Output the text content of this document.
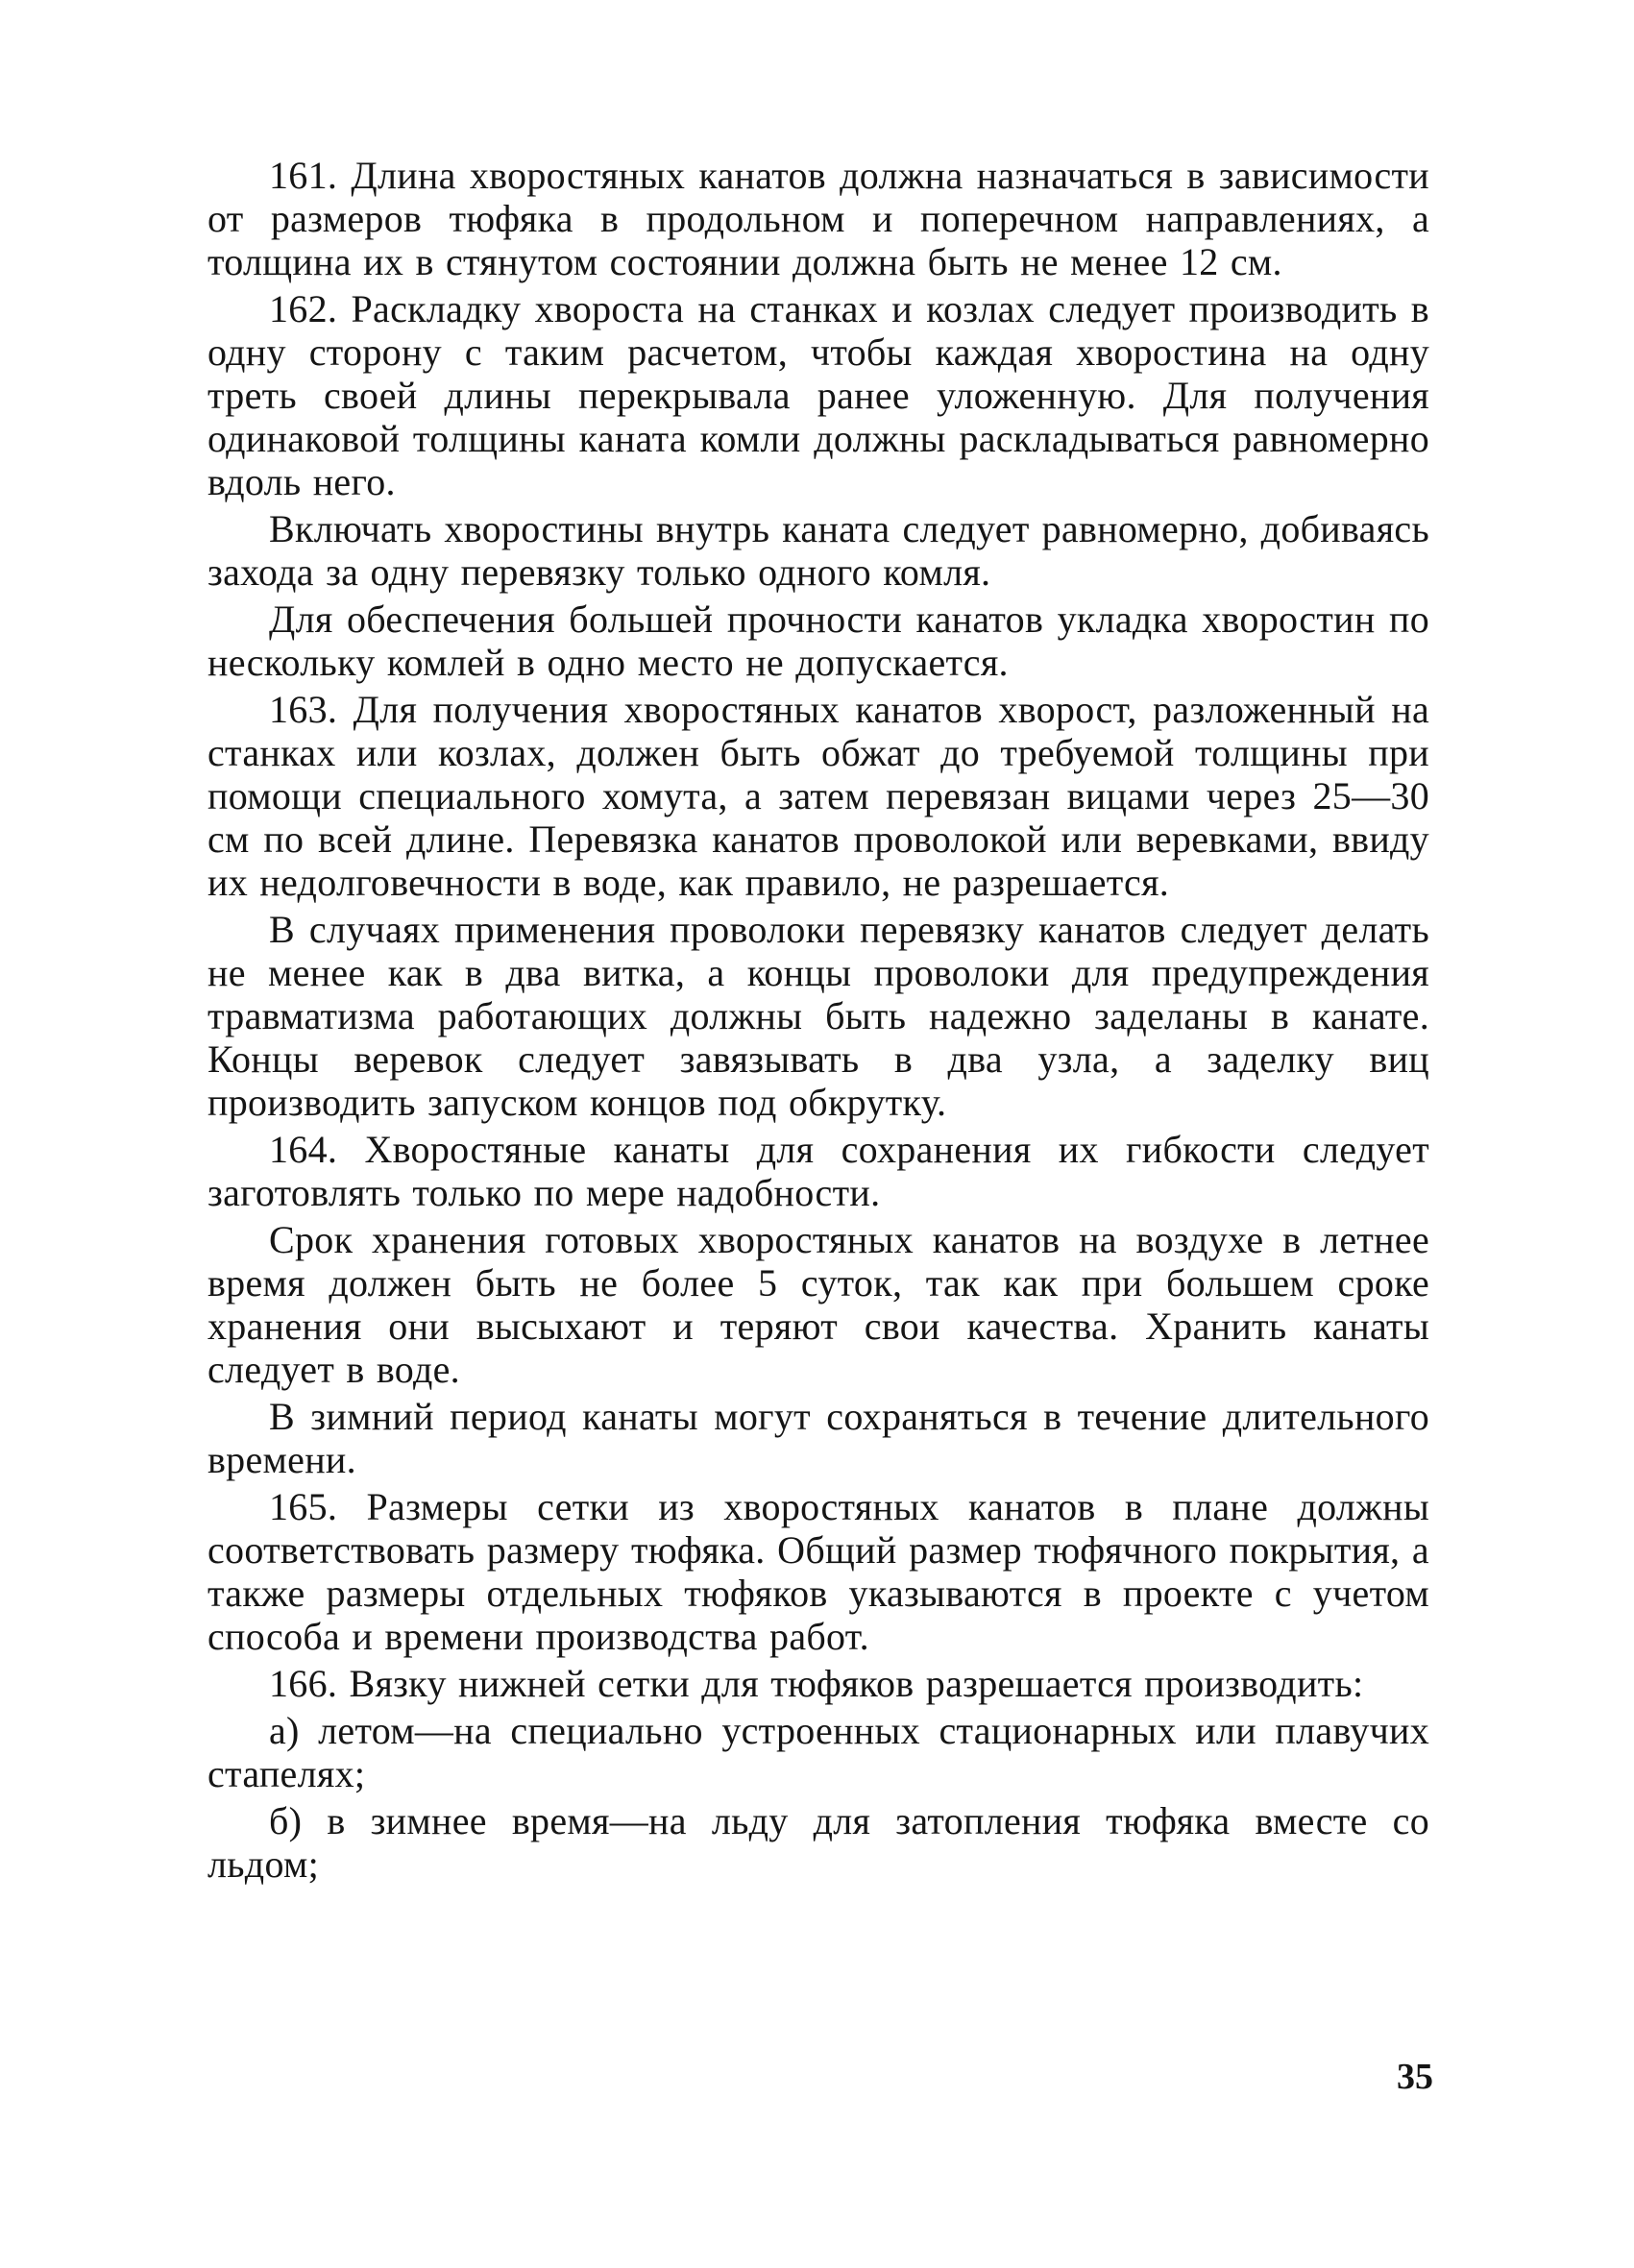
161. Длина хворостяных канатов должна назначаться в зависимости от размеров тюфяка в продольном и поперечном направлениях, а толщина их в стянутом состоянии должна быть не менее 12 см.

162. Раскладку хвороста на станках и козлах следует производить в одну сторону с таким расчетом, чтобы каждая хворостина на одну треть своей длины перекрывала ранее уложенную. Для получения одинаковой толщины каната комли должны раскладываться равномерно вдоль него.

Включать хворостины внутрь каната следует равномерно, добиваясь захода за одну перевязку только одного комля.

Для обеспечения большей прочности канатов укладка хворостин по нескольку комлей в одно место не допускается.

163. Для получения хворостяных канатов хворост, разложенный на станках или козлах, должен быть обжат до требуемой толщины при помощи специального хомута, а затем перевязан вицами через 25—30 см по всей длине. Перевязка канатов проволокой или веревками, ввиду их недолговечности в воде, как правило, не разрешается.

В случаях применения проволоки перевязку канатов следует делать не менее как в два витка, а концы проволоки для предупреждения травматизма работающих должны быть надежно заделаны в канате. Концы веревок следует завязывать в два узла, а заделку виц производить запуском концов под обкрутку.

164. Хворостяные канаты для сохранения их гибкости следует заготовлять только по мере надобности.

Срок хранения готовых хворостяных канатов на воздухе в летнее время должен быть не более 5 суток, так как при большем сроке хранения они высыхают и теряют свои качества. Хранить канаты следует в воде.

В зимний период канаты могут сохраняться в течение длительного времени.

165. Размеры сетки из хворостяных канатов в плане должны соответствовать размеру тюфяка. Общий размер тюфячного покрытия, а также размеры отдельных тюфяков указываются в проекте с учетом способа и времени производства работ.

166. Вязку нижней сетки для тюфяков разрешается производить:

а) летом—на специально устроенных стационарных или плавучих стапелях;

б) в зимнее время—на льду для затопления тюфяка вместе со льдом;

35
